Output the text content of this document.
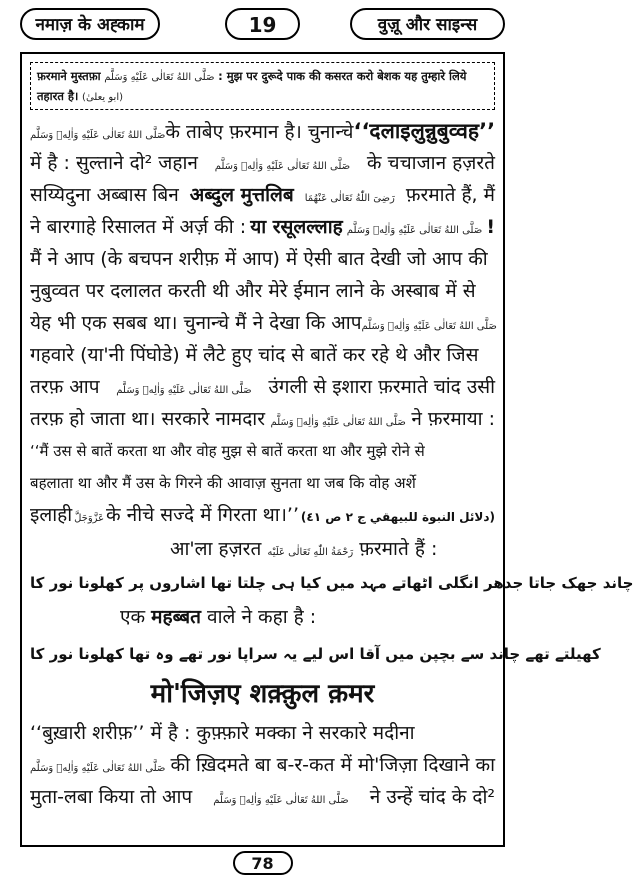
नमाज़ के अह्काम	19	वुज़ू और साइन्स
फ़रमाने मुस्तफ़ा صَلَّى اللهُ تَعَالٰى عَلَيْهِ وَسَلَّم : मुझ पर दुरूदे पाक की कसरत करो बेशक यह तुम्हारे लिये तहारत है। (ابو یعلیٰ)
صَلَّى اللهُ تَعَالٰى عَلَيْهِ وَاٰلِهٖ وَسَلَّم के ताबेए फ़रमान है। चुनान्चे ‘‘दलाइलुन्नुबुव्वह’’
में है : सुल्ताने दो² जहान صَلَّى اللهُ تَعَالٰى عَلَيْهِ وَاٰلِهٖ وَسَلَّم के चचाजान हज़रते
सय्यिदुना अब्बास बिन अब्दुल मुत्तलिब رَضِیَ اللّٰهُ تَعَالٰی عَنْهُمَا फ़रमाते हैं, मैं
ने बारगाहे रिसालत में अर्ज़ की : या रसूलल्लाह صَلَّى اللهُ تَعَالٰى عَلَيْهِ وَاٰلِهٖ وَسَلَّم !
मैं ने आप (के बचपन शरीफ़ में आप) में ऐसी बात देखी जो आप की
नुबुव्वत पर दलालत करती थी और मेरे ईमान लाने के अस्बाब में से
येह भी एक सबब था। चुनान्चे मैं ने देखा कि आप صَلَّى اللهُ تَعَالٰى عَلَيْهِ وَاٰلِهٖ وَسَلَّم
गहवारे (या'नी पिंघोडे) में लैटे हुए चांद से बातें कर रहे थे और जिस
तरफ़ आप صَلَّى اللهُ تَعَالٰى عَلَيْهِ وَاٰلِهٖ وَسَلَّم उंगली से इशारा फ़रमाते चांद उसी
तरफ़ हो जाता था। सरकारे नामदार صَلَّى اللهُ تَعَالٰى عَلَيْهِ وَاٰلِهٖ وَسَلَّم ने फ़रमाया :
‘‘मैं उस से बातें करता था और वोह मुझ से बातें करता था और मुझे रोने से
बहलाता था और मैं उस के गिरने की आवाज़ सुनता था जब कि वोह अर्शे
इलाही عَزَّوَجَلَّ के नीचे सज्दे में गिरता था।’’ (دلائل النبوة للبيهقي ج ٢ ص ٤١)
आ'ला हज़रत رَحْمَةُ اللّٰهِ تَعَالٰی عَلَیْه फ़रमाते हैं :
چاند جھک جاتا جدھر انگلی اٹھاتے مہد میں کیا ہی چلتا تھا اشاروں پر کھلونا نور کا
एक महब्बत वाले ने कहा है :
کھیلتے تھے چاند سے بچپن میں آقا اس لیے یہ سراپا نور تھے وہ تھا کھلونا نور کا
मो'जिज़ए शक़्क़ुल क़मर
‘‘बुख़ारी शरीफ़’’ में है : कुफ़्फ़ारे मक्का ने सरकारे मदीना
صَلَّى اللهُ تَعَالٰى عَلَيْهِ وَاٰلِهٖ وَسَلَّم की ख़िदमते बा ब-र-कत में मो'जिज़ा दिखाने का
मुता-लबा किया तो आप صَلَّى اللهُ تَعَالٰى عَلَيْهِ وَاٰلِهٖ وَسَلَّم ने उन्हें चांद के दो²
78
